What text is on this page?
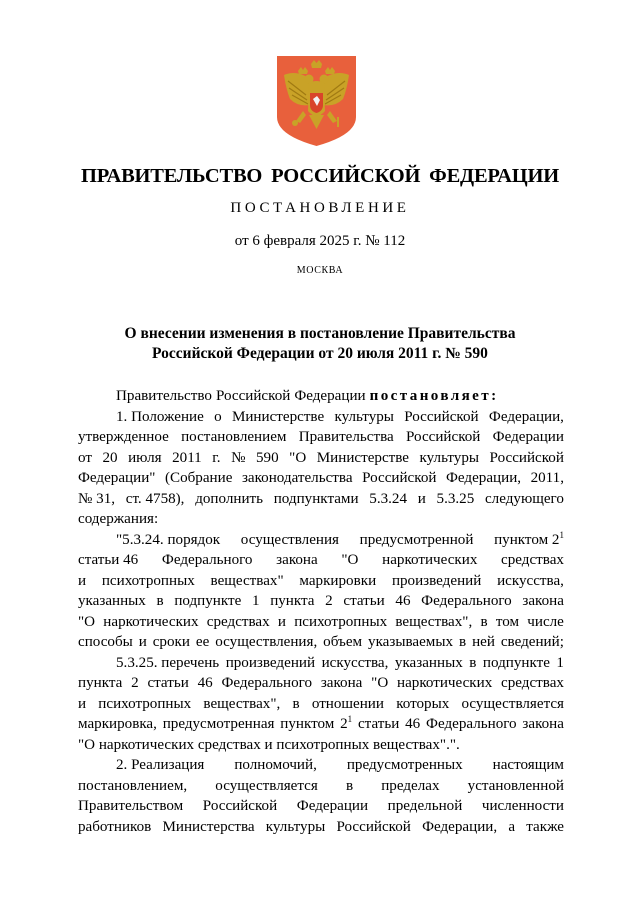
ПРАВИТЕЛЬСТВО РОССИЙСКОЙ ФЕДЕРАЦИИ
ПОСТАНОВЛЕНИЕ
от 6 февраля 2025 г. № 112
МОСКВА
О внесении изменения в постановление Правительства
Российской Федерации от 20 июля 2011 г. № 590
Правительство Российской Федерации постановляет:
1. Положение о Министерстве культуры Российской Федерации,
утвержденное постановлением Правительства Российской Федерации
от 20 июля 2011 г. № 590 "О Министерстве культуры Российской
Федерации" (Собрание законодательства Российской Федерации, 2011,
№ 31, ст. 4758), дополнить подпунктами 5.3.24 и 5.3.25 следующего
содержания:
"5.3.24. порядок осуществления предусмотренной пунктом $2^1$
статьи 46 Федерального закона "О наркотических средствах
и психотропных веществах" маркировки произведений искусства,
указанных в подпункте 1 пункта 2 статьи 46 Федерального закона
"О наркотических средствах и психотропных веществах", в том числе
способы и сроки ее осуществления, объем указываемых в ней сведений;
5.3.25. перечень произведений искусства, указанных в подпункте 1
пункта 2 статьи 46 Федерального закона "О наркотических средствах
и психотропных веществах", в отношении которых осуществляется
маркировка, предусмотренная пунктом $2^1$ статьи 46 Федерального закона
"О наркотических средствах и психотропных веществах".".
2. Реализация полномочий, предусмотренных настоящим
постановлением, осуществляется в пределах установленной
Правительством Российской Федерации предельной численности
работников Министерства культуры Российской Федерации, а также
